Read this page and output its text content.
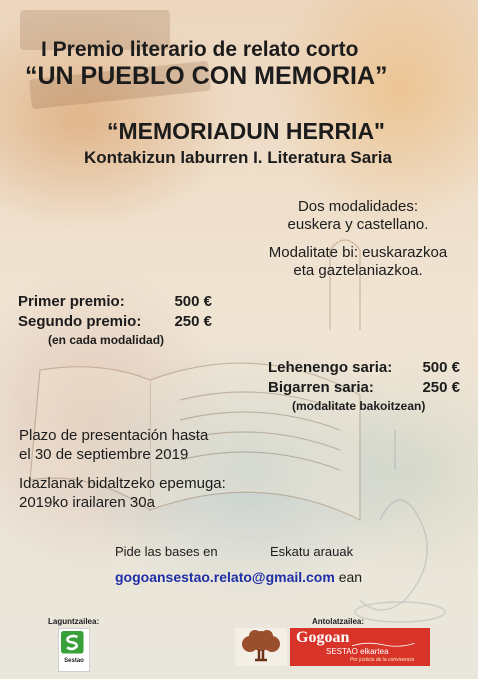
I Premio literario de relato corto
“UN PUEBLO CON MEMORIA”
“MEMORIADUN HERRIA"
Kontakizun laburren I. Literatura Saria
Dos modalidades:
euskera y castellano.
Modalitate bi: euskarazkoa
eta gaztelaniazkoa.
Primer premio:	500 €
Segundo premio:	250 €
(en cada modalidad)
Lehenengo saria:	500 €
Bigarren saria:	250 €
(modalitate bakoitzean)
Plazo de presentación hasta
el 30 de septiembre 2019
Idazlanak bidaltzeko epemuga:
2019ko irailaren 30a
Pide las bases en	Eskatu arauak
gogoansestao.relato@gmail.com ean
Laguntzailea:
Sestao
Antolatzailea:
Gogoan
SESTAO elkartea
Por justicia de la convivencia
